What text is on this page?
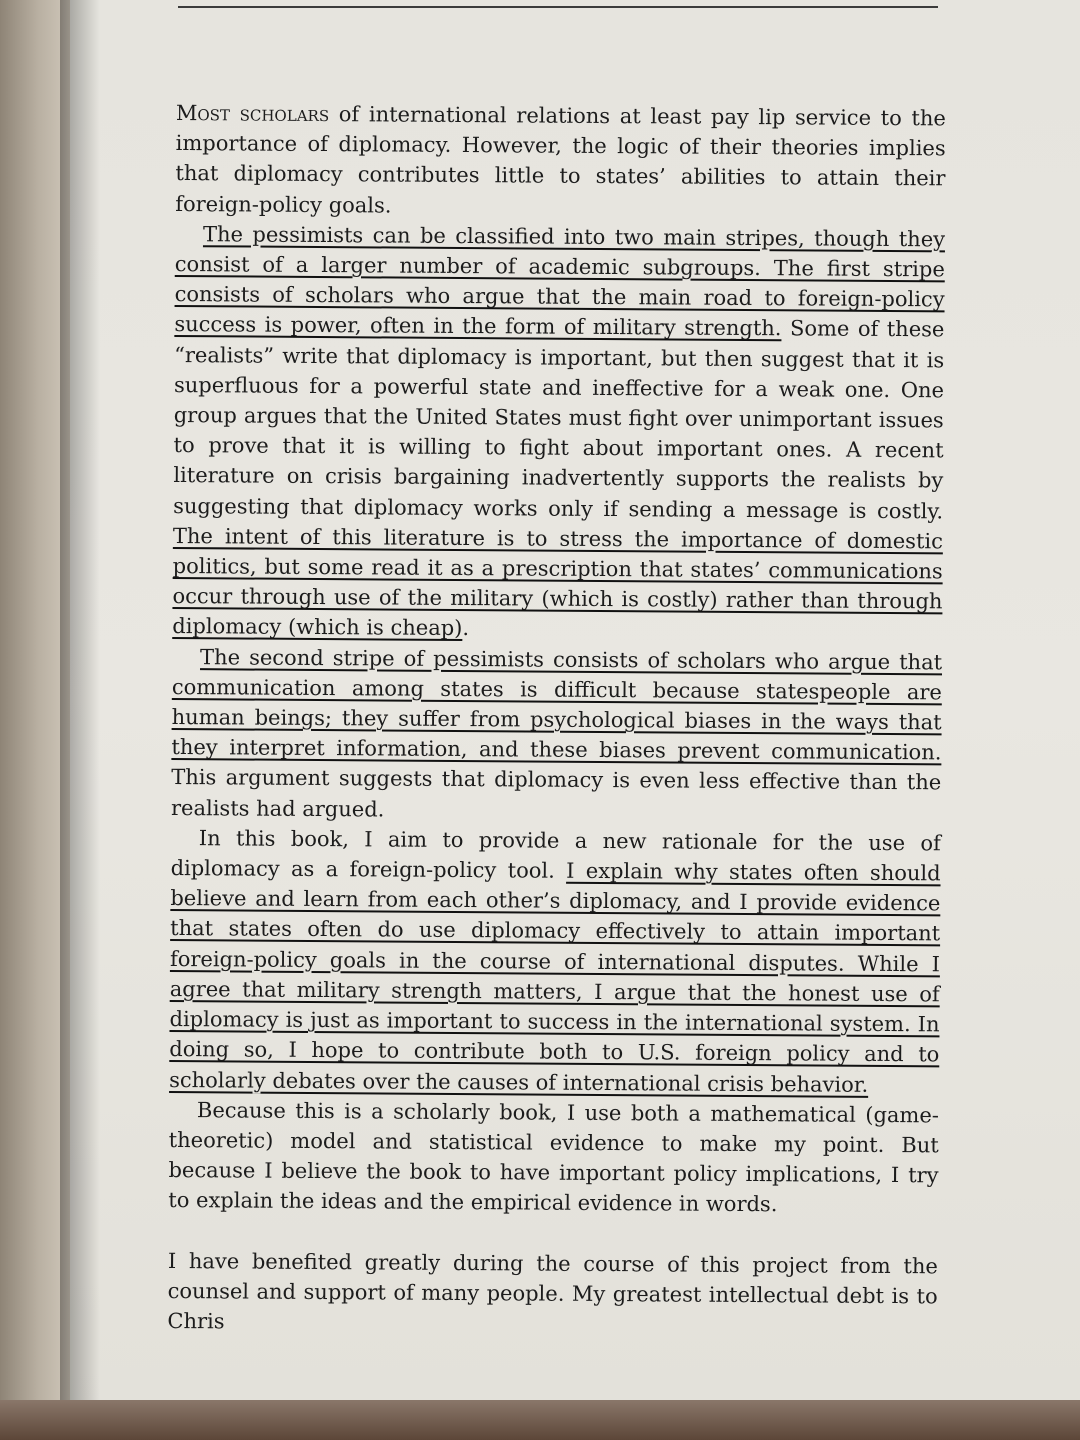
Most scholars of international relations at least pay lip service to the importance of diplomacy. However, the logic of their theories implies that diplomacy contributes little to states’ abilities to attain their foreign-policy goals.

The pessimists can be classified into two main stripes, though they consist of a larger number of academic subgroups. The first stripe consists of scholars who argue that the main road to foreign-policy success is power, often in the form of military strength. Some of these “realists” write that diplomacy is important, but then suggest that it is superfluous for a powerful state and ineffective for a weak one. One group argues that the United States must fight over unimportant issues to prove that it is willing to fight about important ones. A recent literature on crisis bargaining inadvertently supports the realists by suggesting that diplomacy works only if sending a message is costly. The intent of this literature is to stress the importance of domestic politics, but some read it as a prescription that states’ communications occur through use of the military (which is costly) rather than through diplomacy (which is cheap).

The second stripe of pessimists consists of scholars who argue that communication among states is difficult because statespeople are human beings; they suffer from psychological biases in the ways that they interpret information, and these biases prevent communication. This argument suggests that diplomacy is even less effective than the realists had argued.

In this book, I aim to provide a new rationale for the use of diplomacy as a foreign-policy tool. I explain why states often should believe and learn from each other’s diplomacy, and I provide evidence that states often do use diplomacy effectively to attain important foreign-policy goals in the course of international disputes. While I agree that military strength matters, I argue that the honest use of diplomacy is just as important to success in the international system. In doing so, I hope to contribute both to U.S. foreign policy and to scholarly debates over the causes of international crisis behavior.

Because this is a scholarly book, I use both a mathematical (game-theoretic) model and statistical evidence to make my point. But because I believe the book to have important policy implications, I try to explain the ideas and the empirical evidence in words.

I have benefited greatly during the course of this project from the counsel and support of many people. My greatest intellectual debt is to Chris
